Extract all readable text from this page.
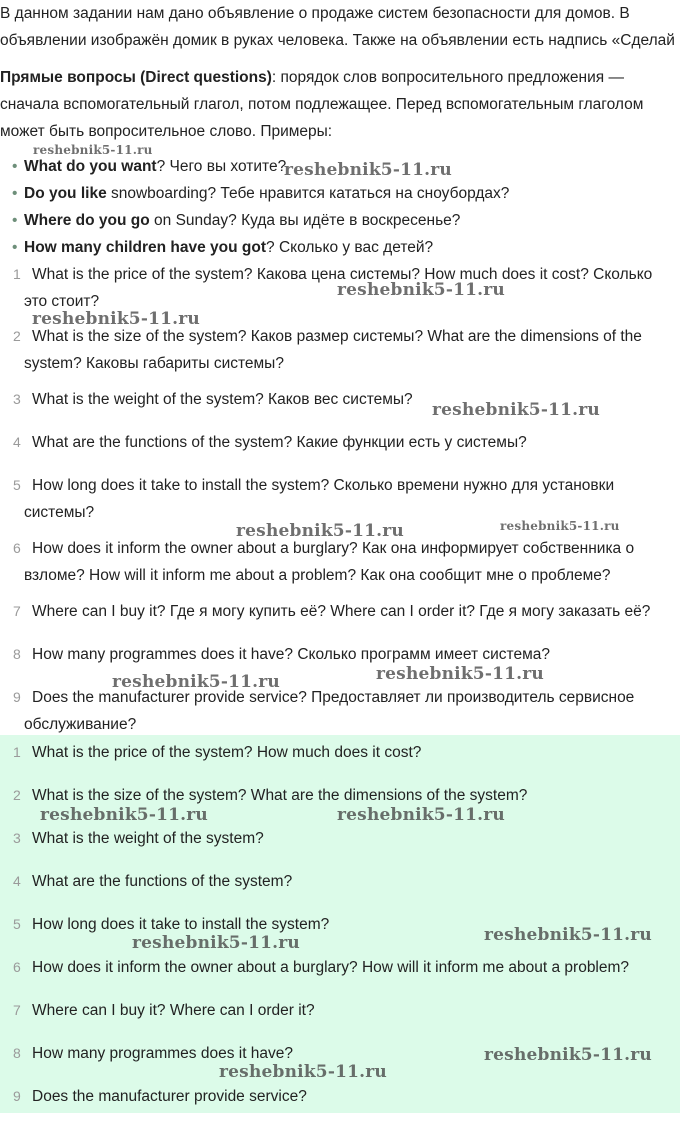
В данном задании нам дано объявление о продаже систем безопасности для домов. В объявлении изображён домик в руках человека. Также на объявлении есть надпись «Сделай

Прямые вопросы (Direct questions): порядок слов вопросительного предложения — сначала вспомогательный глагол, потом подлежащее. Перед вспомогательным глаголом может быть вопросительное слово. Примеры:
• What do you want? Чего вы хотите?
• Do you like snowboarding? Тебе нравится кататься на сноубордах?
• Where do you go on Sunday? Куда вы идёте в воскресенье?
• How many children have you got? Сколько у вас детей?
1 What is the price of the system? Какова цена системы? How much does it cost? Сколько это стоит?
2 What is the size of the system? Каков размер системы? What are the dimensions of the system? Каковы габариты системы?
3 What is the weight of the system? Каков вес системы?
4 What are the functions of the system? Какие функции есть у системы?
5 How long does it take to install the system? Сколько времени нужно для установки системы?
6 How does it inform the owner about a burglary? Как она информирует собственника о взломе? How will it inform me about a problem? Как она сообщит мне о проблеме?
7 Where can I buy it? Где я могу купить её? Where can I order it? Где я могу заказать её?
8 How many programmes does it have? Сколько программ имеет система?
9 Does the manufacturer provide service? Предоставляет ли производитель сервисное обслуживание?
1 What is the price of the system? How much does it cost?
2 What is the size of the system? What are the dimensions of the system?
3 What is the weight of the system?
4 What are the functions of the system?
5 How long does it take to install the system?
6 How does it inform the owner about a burglary? How will it inform me about a problem?
7 Where can I buy it? Where can I order it?
8 How many programmes does it have?
9 Does the manufacturer provide service?
reshebnik5-11.ru
reshebnik5-11.ru
reshebnik5-11.ru
reshebnik5-11.ru
reshebnik5-11.ru
reshebnik5-11.ru	reshebnik5-11.ru
reshebnik5-11.ru
reshebnik5-11.ru
reshebnik5-11.ru	reshebnik5-11.ru
reshebnik5-11.ru
reshebnik5-11.ru
reshebnik5-11.ru
reshebnik5-11.ru
